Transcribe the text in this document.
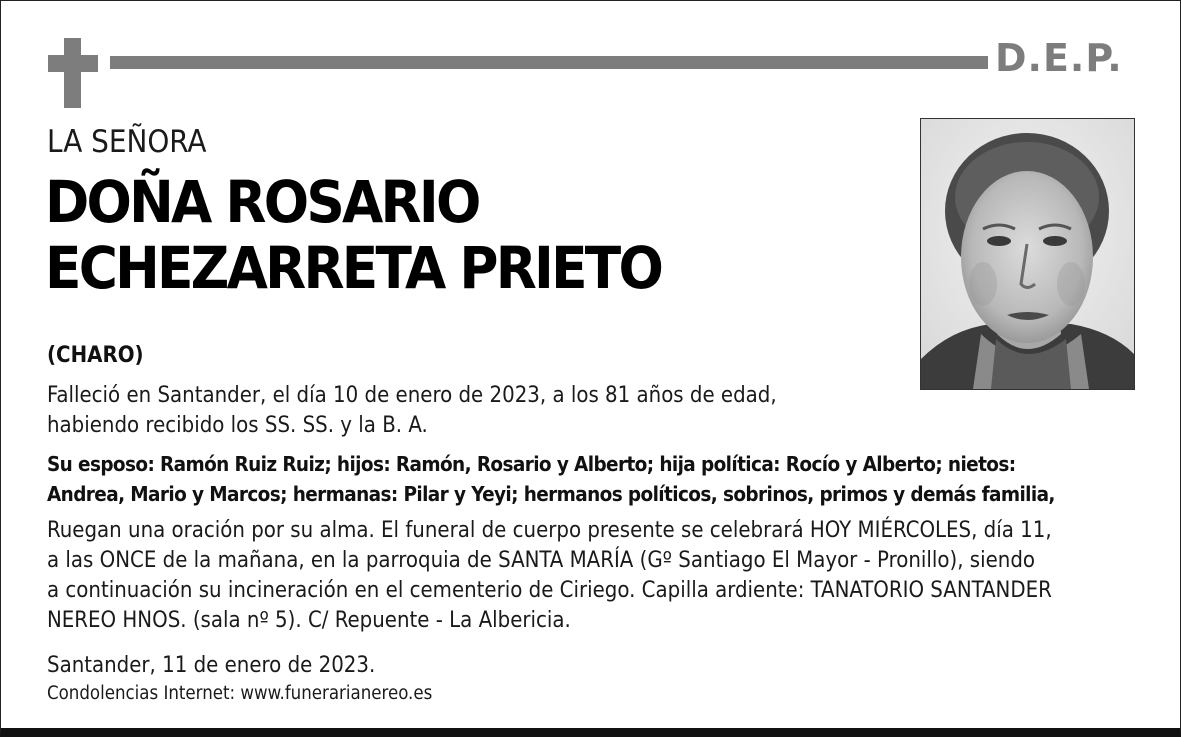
D.E.P.
LA SEÑORA
DOÑA ROSARIO
ECHEZARRETA PRIETO
(CHARO)
Falleció en Santander, el día 10 de enero de 2023, a los 81 años de edad,
habiendo recibido los SS. SS. y la B. A.
Su esposo: Ramón Ruiz Ruiz; hijos: Ramón, Rosario y Alberto; hija política: Rocío y Alberto; nietos:
Andrea, Mario y Marcos; hermanas: Pilar y Yeyi; hermanos políticos, sobrinos, primos y demás familia,
Ruegan una oración por su alma. El funeral de cuerpo presente se celebrará HOY MIÉRCOLES, día 11,
a las ONCE de la mañana, en la parroquia de SANTA MARÍA (Gº Santiago El Mayor - Pronillo), siendo
a continuación su incineración en el cementerio de Ciriego. Capilla ardiente: TANATORIO SANTANDER
NEREO HNOS. (sala nº 5). C/ Repuente - La Albericia.
Santander, 11 de enero de 2023.
Condolencias Internet: www.funerarianereo.es
